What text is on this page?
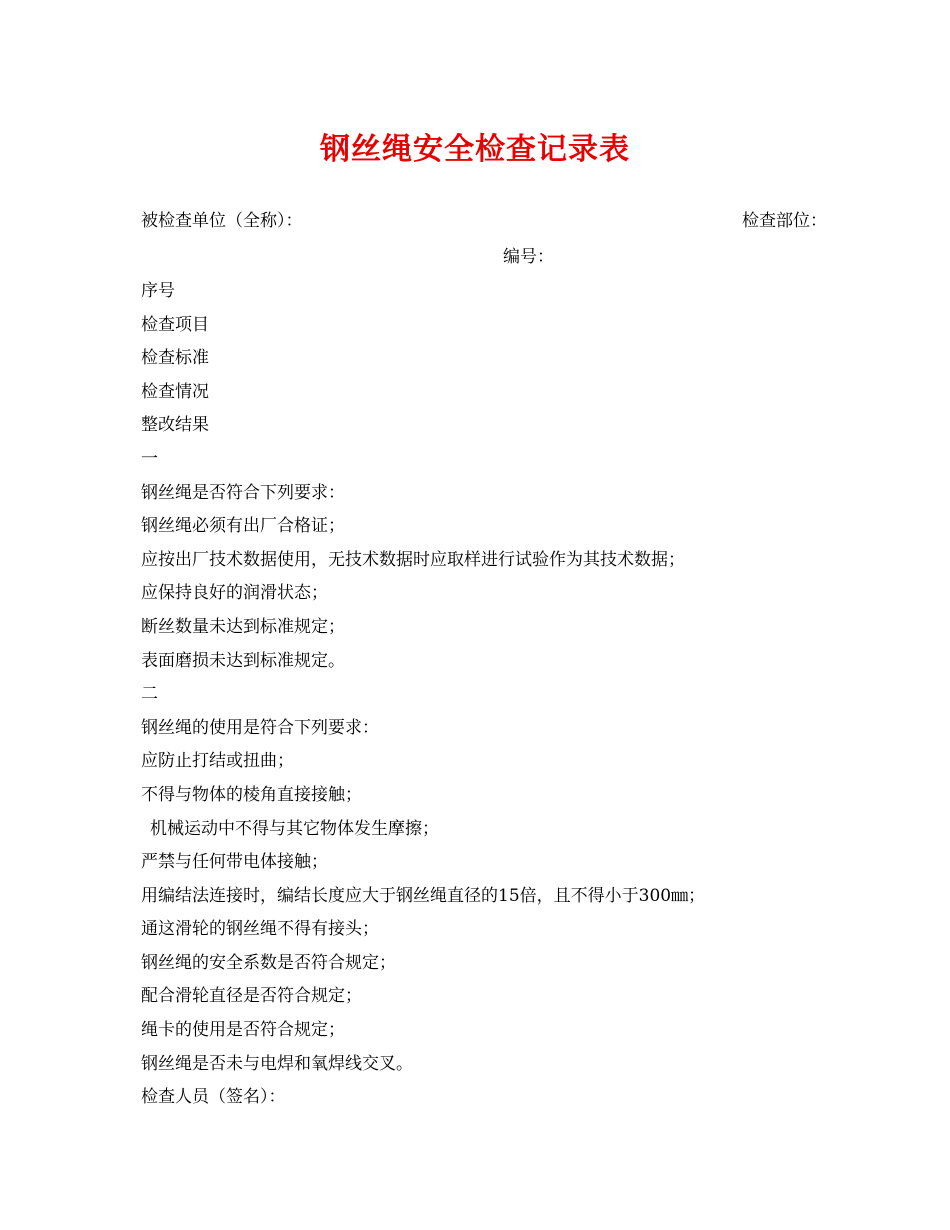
钢丝绳安全检查记录表
被检查单位（全称）：	检查部位：
编号：
序号
检查项目
检查标准
检查情况
整改结果
一
钢丝绳是否符合下列要求：
钢丝绳必须有出厂合格证；
应按出厂技术数据使用，无技术数据时应取样进行试验作为其技术数据；
应保持良好的润滑状态；
断丝数量未达到标准规定；
表面磨损未达到标准规定。
二
钢丝绳的使用是符合下列要求：
应防止打结或扭曲；
不得与物体的棱角直接接触；
机械运动中不得与其它物体发生摩擦；
严禁与任何带电体接触；
用编结法连接时，编结长度应大于钢丝绳直径的15倍，且不得小于300㎜；
通这滑轮的钢丝绳不得有接头；
钢丝绳的安全系数是否符合规定；
配合滑轮直径是否符合规定；
绳卡的使用是否符合规定；
钢丝绳是否未与电焊和氧焊线交叉。
检查人员（签名）：
